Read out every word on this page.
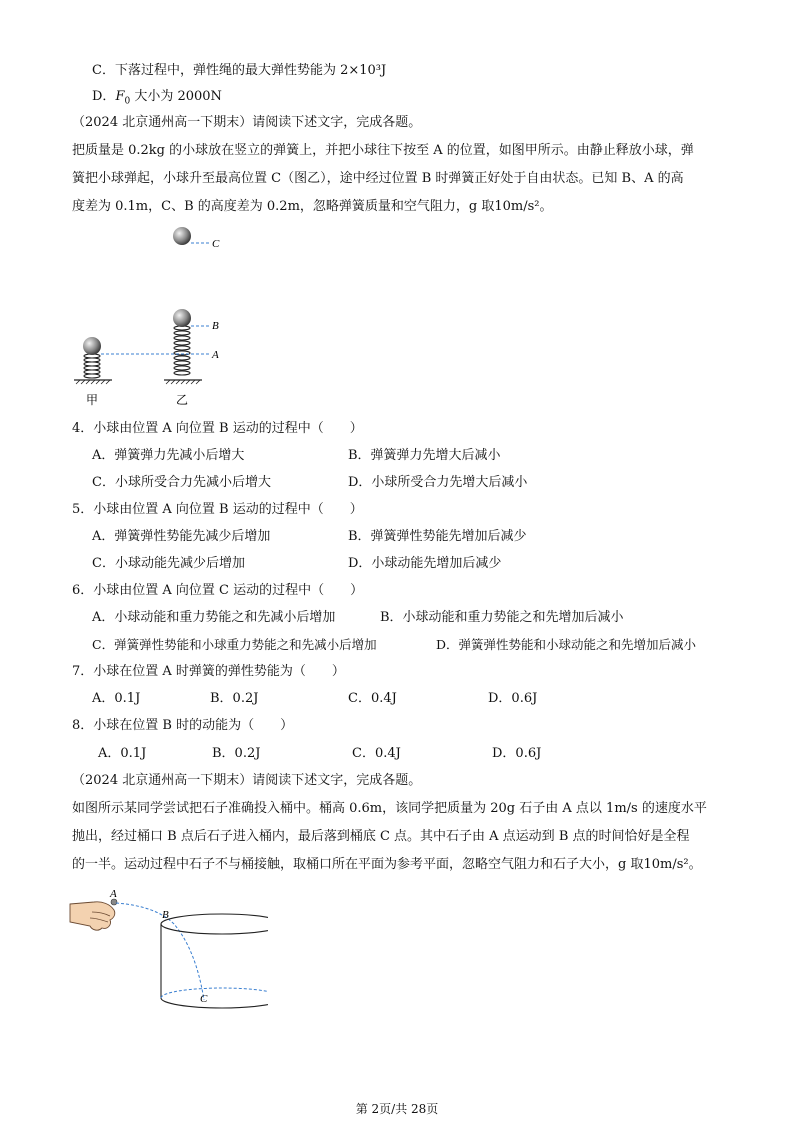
C．下落过程中，弹性绳的最大弹性势能为 2×10³J
D．$F_0$ 大小为 2000N
（2024 北京通州高一下期末）请阅读下述文字，完成各题。
把质量是 0.2kg 的小球放在竖立的弹簧上，并把小球往下按至 A 的位置，如图甲所示。由静止释放小球，弹
簧把小球弹起，小球升至最高位置 C（图乙），途中经过位置 B 时弹簧正好处于自由状态。已知 B、A 的高
度差为 0.1m，C、B 的高度差为 0.2m，忽略弹簧质量和空气阻力，g 取10m/s²。
C
B
A
甲	乙
4．小球由位置 A 向位置 B 运动的过程中（　　）
A．弹簧弹力先减小后增大	B．弹簧弹力先增大后减小
C．小球所受合力先减小后增大	D．小球所受合力先增大后减小
5．小球由位置 A 向位置 B 运动的过程中（　　）
A．弹簧弹性势能先减少后增加	B．弹簧弹性势能先增加后减少
C．小球动能先减少后增加	D．小球动能先增加后减少
6．小球由位置 A 向位置 C 运动的过程中（　　）
A．小球动能和重力势能之和先减小后增加	B．小球动能和重力势能之和先增加后减小
C．弹簧弹性势能和小球重力势能之和先减小后增加	D．弹簧弹性势能和小球动能之和先增加后减小
7．小球在位置 A 时弹簧的弹性势能为（　　）
A．0.1J	B．0.2J	C．0.4J	D．0.6J
8．小球在位置 B 时的动能为（　　）
A．0.1J	B．0.2J	C．0.4J	D．0.6J
（2024 北京通州高一下期末）请阅读下述文字，完成各题。
如图所示某同学尝试把石子准确投入桶中。桶高 0.6m，该同学把质量为 20g 石子由 A 点以 1m/s 的速度水平
抛出，经过桶口 B 点后石子进入桶内，最后落到桶底 C 点。其中石子由 A 点运动到 B 点的时间恰好是全程
的一半。运动过程中石子不与桶接触，取桶口所在平面为参考平面，忽略空气阻力和石子大小，g 取10m/s²。
A
B
C
第 2页/共 28页
